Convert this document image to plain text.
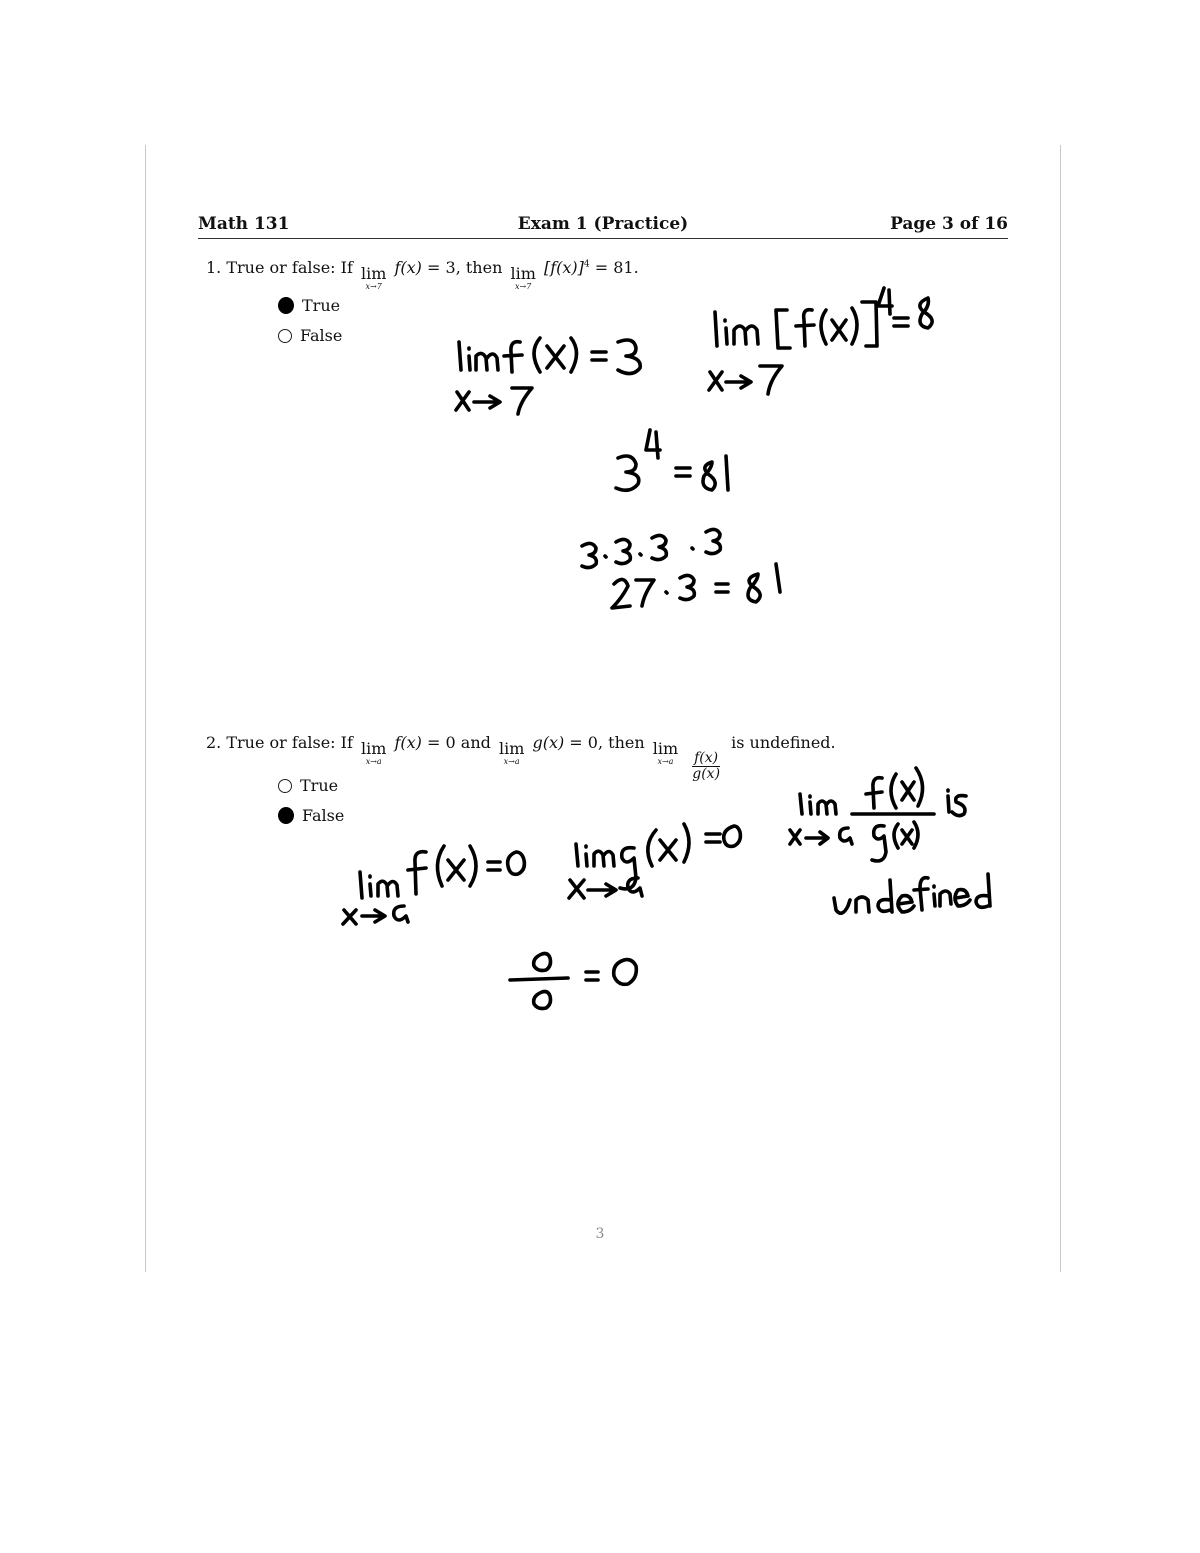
Math 131	Exam 1 (Practice)	Page 3 of 16
1. True or false: If lim
x→7
f(x) = 3, then lim
x→7
$[f(x)]^4 = 81$.
True
False
2. True or false: If lim
x→a
f(x) = 0 and lim
x→a
g(x) = 0, then lim
x→a
$\frac{f(x)}{g(x)}$
is undefined.
True
False
3
